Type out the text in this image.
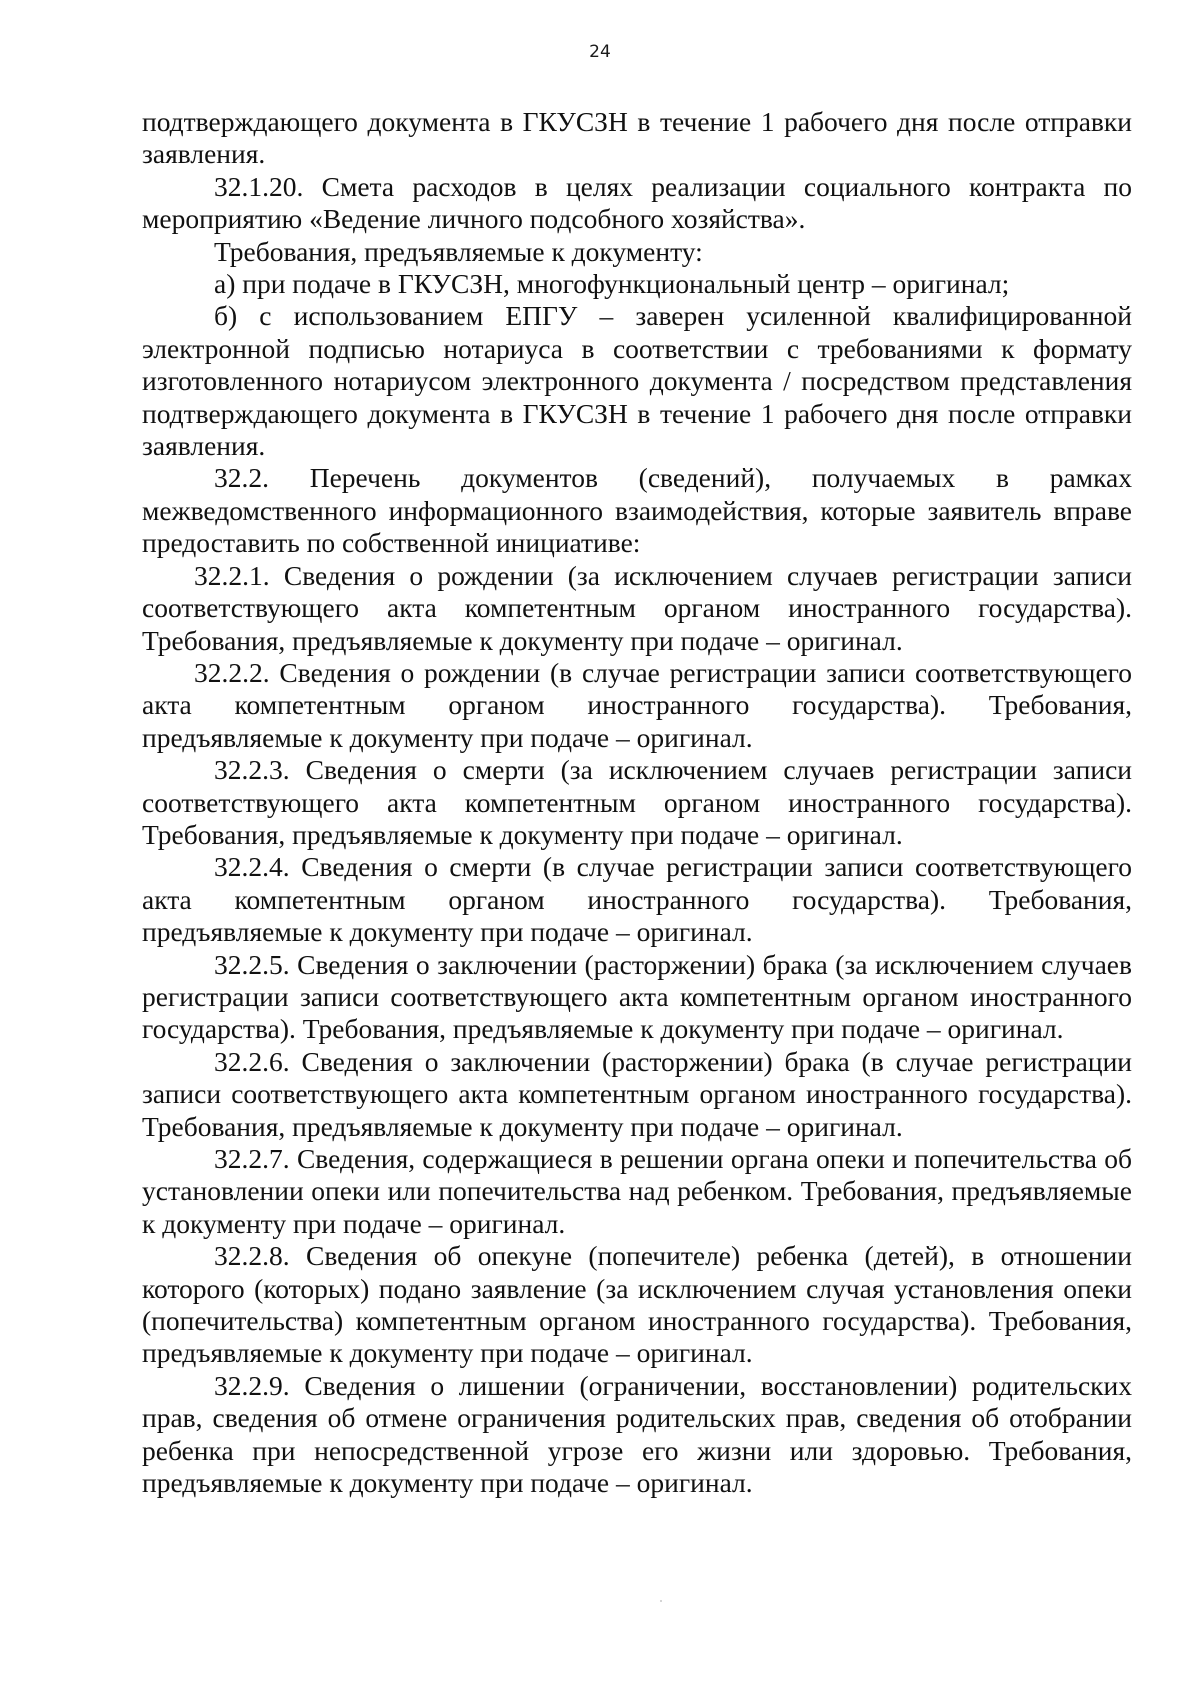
24

подтверждающего документа в ГКУСЗН в течение 1 рабочего дня после отправки заявления.

32.1.20. Смета расходов в целях реализации социального контракта по мероприятию «Ведение личного подсобного хозяйства».

Требования, предъявляемые к документу:

а) при подаче в ГКУСЗН, многофункциональный центр – оригинал;

б) с использованием ЕПГУ – заверен усиленной квалифицированной электронной подписью нотариуса в соответствии с требованиями к формату изготовленного нотариусом электронного документа / посредством представления подтверждающего документа в ГКУСЗН в течение 1 рабочего дня после отправки заявления.

32.2. Перечень документов (сведений), получаемых в рамках межведомственного информационного взаимодействия, которые заявитель вправе предоставить по собственной инициативе:

32.2.1. Сведения о рождении (за исключением случаев регистрации записи соответствующего акта компетентным органом иностранного государства). Требования, предъявляемые к документу при подаче – оригинал.

32.2.2. Сведения о рождении (в случае регистрации записи соответствующего акта компетентным органом иностранного государства). Требования, предъявляемые к документу при подаче – оригинал.

32.2.3. Сведения о смерти (за исключением случаев регистрации записи соответствующего акта компетентным органом иностранного государства). Требования, предъявляемые к документу при подаче – оригинал.

32.2.4. Сведения о смерти (в случае регистрации записи соответствующего акта компетентным органом иностранного государства). Требования, предъявляемые к документу при подаче – оригинал.

32.2.5. Сведения о заключении (расторжении) брака (за исключением случаев регистрации записи соответствующего акта компетентным органом иностранного государства). Требования, предъявляемые к документу при подаче – оригинал.

32.2.6. Сведения о заключении (расторжении) брака (в случае регистрации записи соответствующего акта компетентным органом иностранного государства). Требования, предъявляемые к документу при подаче – оригинал.

32.2.7. Сведения, содержащиеся в решении органа опеки и попечительства об установлении опеки или попечительства над ребенком. Требования, предъявляемые к документу при подаче – оригинал.

32.2.8. Сведения об опекуне (попечителе) ребенка (детей), в отношении которого (которых) подано заявление (за исключением случая установления опеки (попечительства) компетентным органом иностранного государства). Требования, предъявляемые к документу при подаче – оригинал.

32.2.9. Сведения о лишении (ограничении, восстановлении) родительских прав, сведения об отмене ограничения родительских прав, сведения об отобрании ребенка при непосредственной угрозе его жизни или здоровью. Требования, предъявляемые к документу при подаче – оригинал.
